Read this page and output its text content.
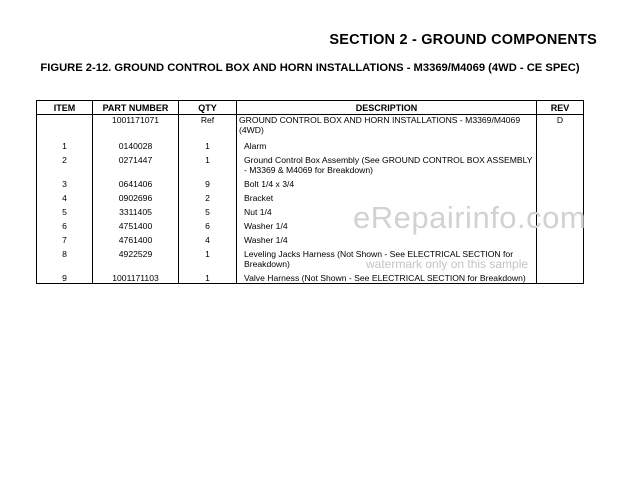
SECTION 2 - GROUND COMPONENTS
FIGURE 2-12. GROUND CONTROL BOX AND HORN INSTALLATIONS - M3369/M4069 (4WD - CE SPEC)
ITEM	PART NUMBER	QTY	DESCRIPTION	REV
	1001171071	Ref	GROUND CONTROL BOX AND HORN INSTALLATIONS - M3369/M4069 (4WD)	D
1	0140028	1	Alarm	
2	0271447	1	Ground Control Box Assembly (See GROUND CONTROL BOX ASSEMBLY - M3369 & M4069 for Breakdown)	
3	0641406	9	Bolt 1/4 x 3/4	
4	0902696	2	Bracket	
5	3311405	5	Nut 1/4	
6	4751400	6	Washer 1/4	
7	4761400	4	Washer 1/4	
8	4922529	1	Leveling Jacks Harness (Not Shown - See ELECTRICAL SECTION for Breakdown)	
9	1001171103	1	Valve Harness (Not Shown - See ELECTRICAL SECTION for Breakdown)	
eRepairinfo.com
watermark only on this sample
